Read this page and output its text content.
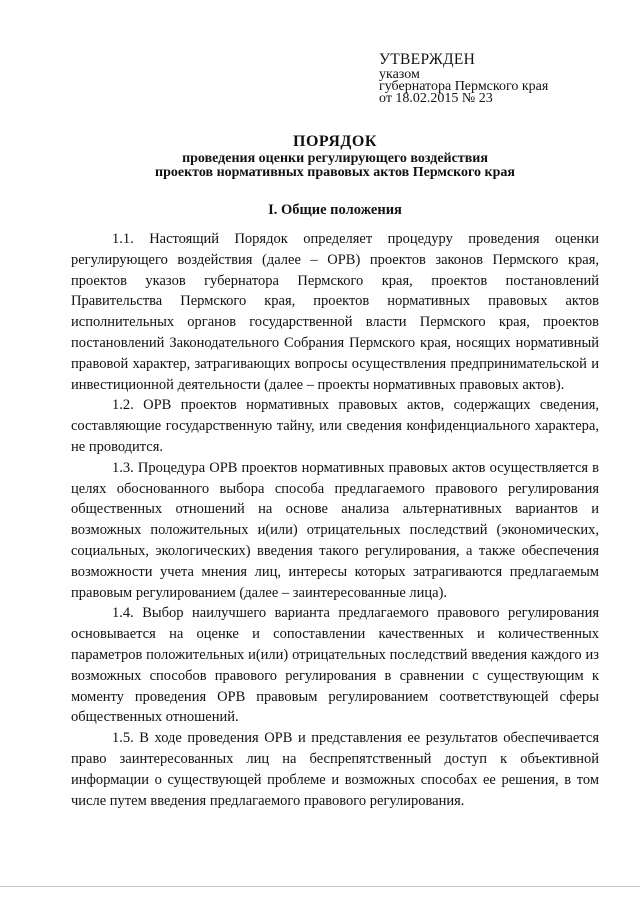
УТВЕРЖДЕН
указом
губернатора Пермского края
от 18.02.2015 № 23
ПОРЯДОК
проведения оценки регулирующего воздействия
проектов нормативных правовых актов Пермского края
I. Общие положения

1.1. Настоящий Порядок определяет процедуру проведения оценки регулирующего воздействия (далее – ОРВ) проектов законов Пермского края, проектов указов губернатора Пермского края, проектов постановлений Правительства Пермского края, проектов нормативных правовых актов исполнительных органов государственной власти Пермского края, проектов постановлений Законодательного Собрания Пермского края, носящих нормативный правовой характер, затрагивающих вопросы осуществления предпринимательской и инвестиционной деятельности (далее – проекты нормативных правовых актов).

1.2. ОРВ проектов нормативных правовых актов, содержащих сведения, составляющие государственную тайну, или сведения конфиденциального характера, не проводится.

1.3. Процедура ОРВ проектов нормативных правовых актов осуществляется в целях обоснованного выбора способа предлагаемого правового регулирования общественных отношений на основе анализа альтернативных вариантов и возможных положительных и(или) отрицательных последствий (экономических, социальных, экологических) введения такого регулирования, а также обеспечения возможности учета мнения лиц, интересы которых затрагиваются предлагаемым правовым регулированием (далее – заинтересованные лица).

1.4. Выбор наилучшего варианта предлагаемого правового регулирования основывается на оценке и сопоставлении качественных и количественных параметров положительных и(или) отрицательных последствий введения каждого из возможных способов правового регулирования в сравнении с существующим к моменту проведения ОРВ правовым регулированием соответствующей сферы общественных отношений.

1.5. В ходе проведения ОРВ и представления ее результатов обеспечивается право заинтересованных лиц на беспрепятственный доступ к объективной информации о существующей проблеме и возможных способах ее решения, в том числе путем введения предлагаемого правового регулирования.
